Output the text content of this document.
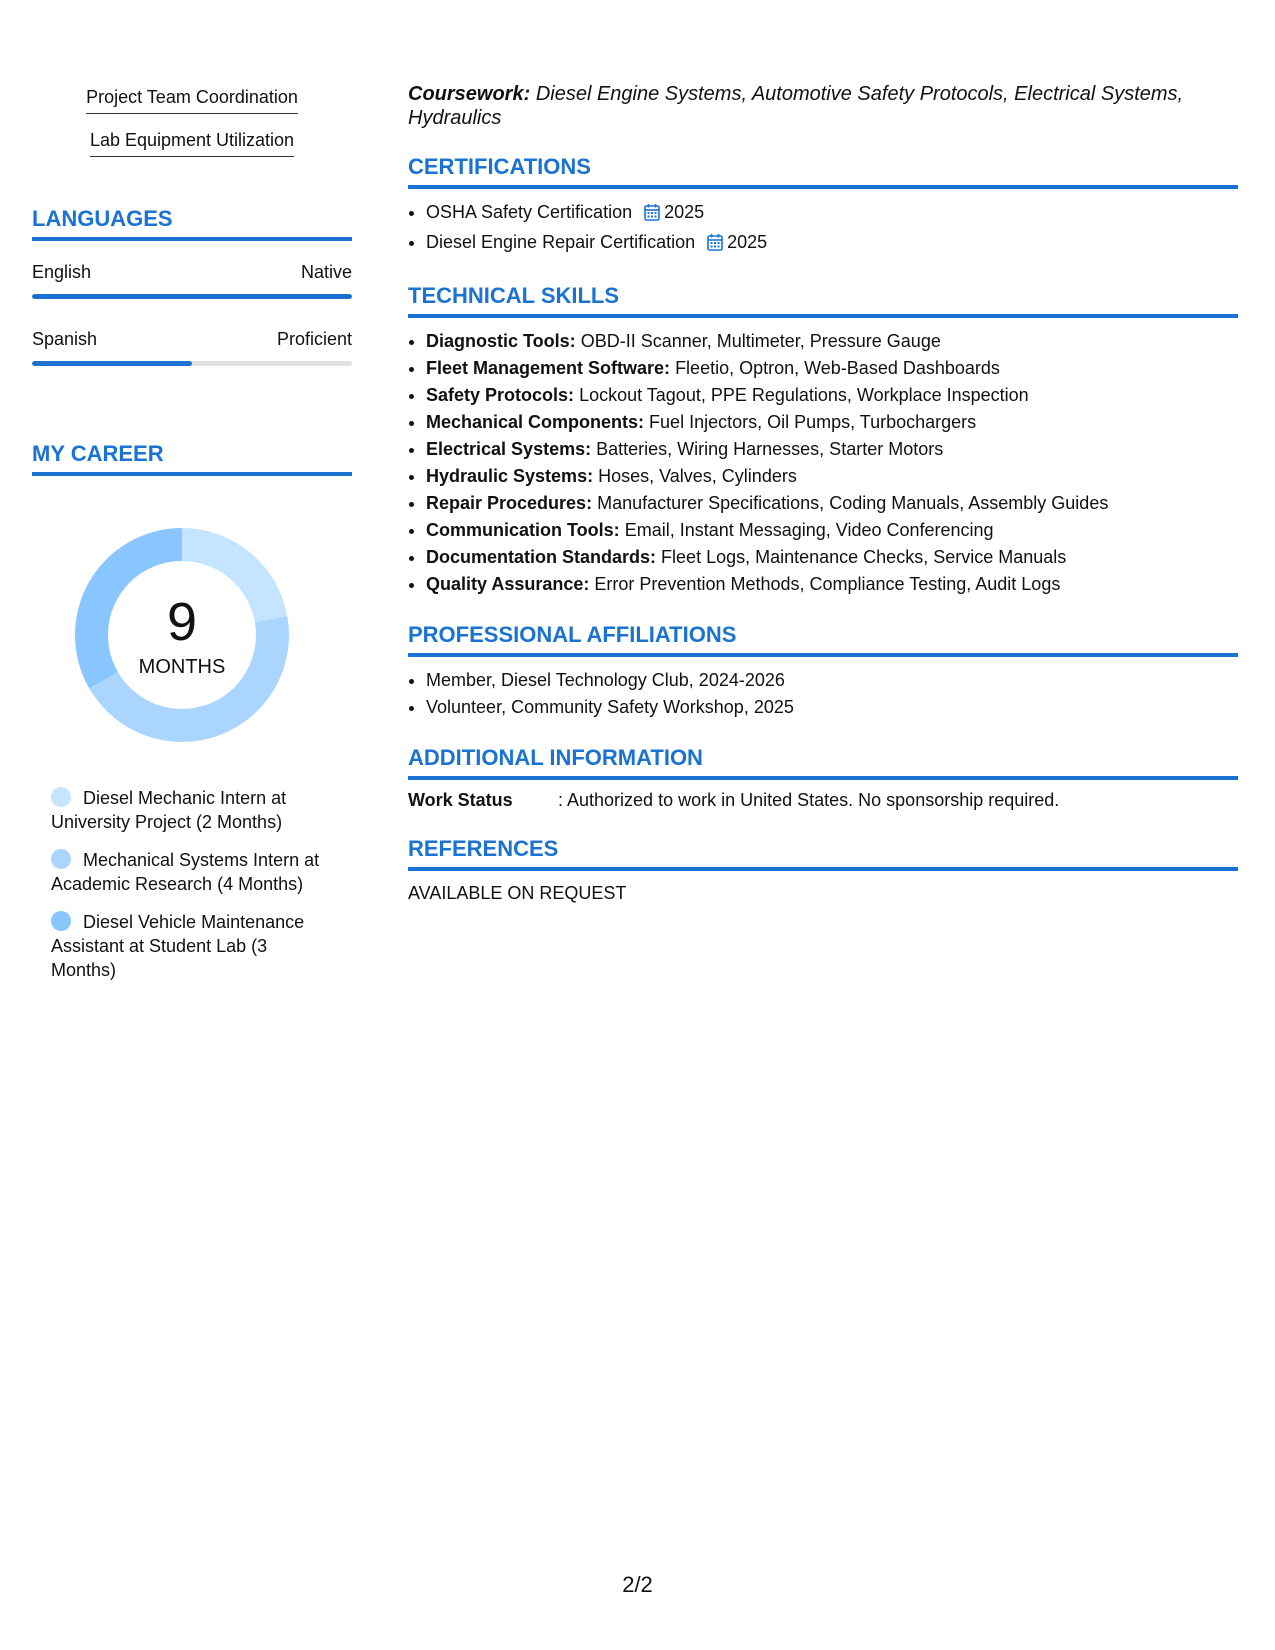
Project Team Coordination
Lab Equipment Utilization
LANGUAGES
English	Native
Spanish	Proficient
MY CAREER
9
MONTHS
Diesel Mechanic Intern at University Project (2 Months)
Mechanical Systems Intern at Academic Research (4 Months)
Diesel Vehicle Maintenance Assistant at Student Lab (3 Months)

Coursework: Diesel Engine Systems, Automotive Safety Protocols, Electrical Systems, Hydraulics

CERTIFICATIONS
• OSHA Safety Certification 2025
• Diesel Engine Repair Certification 2025
TECHNICAL SKILLS
• Diagnostic Tools: OBD-II Scanner, Multimeter, Pressure Gauge
• Fleet Management Software: Fleetio, Optron, Web-Based Dashboards
• Safety Protocols: Lockout Tagout, PPE Regulations, Workplace Inspection
• Mechanical Components: Fuel Injectors, Oil Pumps, Turbochargers
• Electrical Systems: Batteries, Wiring Harnesses, Starter Motors
• Hydraulic Systems: Hoses, Valves, Cylinders
• Repair Procedures: Manufacturer Specifications, Coding Manuals, Assembly Guides
• Communication Tools: Email, Instant Messaging, Video Conferencing
• Documentation Standards: Fleet Logs, Maintenance Checks, Service Manuals
• Quality Assurance: Error Prevention Methods, Compliance Testing, Audit Logs
PROFESSIONAL AFFILIATIONS
• Member, Diesel Technology Club, 2024-2026
• Volunteer, Community Safety Workshop, 2025
ADDITIONAL INFORMATION
Work Status	: Authorized to work in United States. No sponsorship required.
REFERENCES
AVAILABLE ON REQUEST
2/2
